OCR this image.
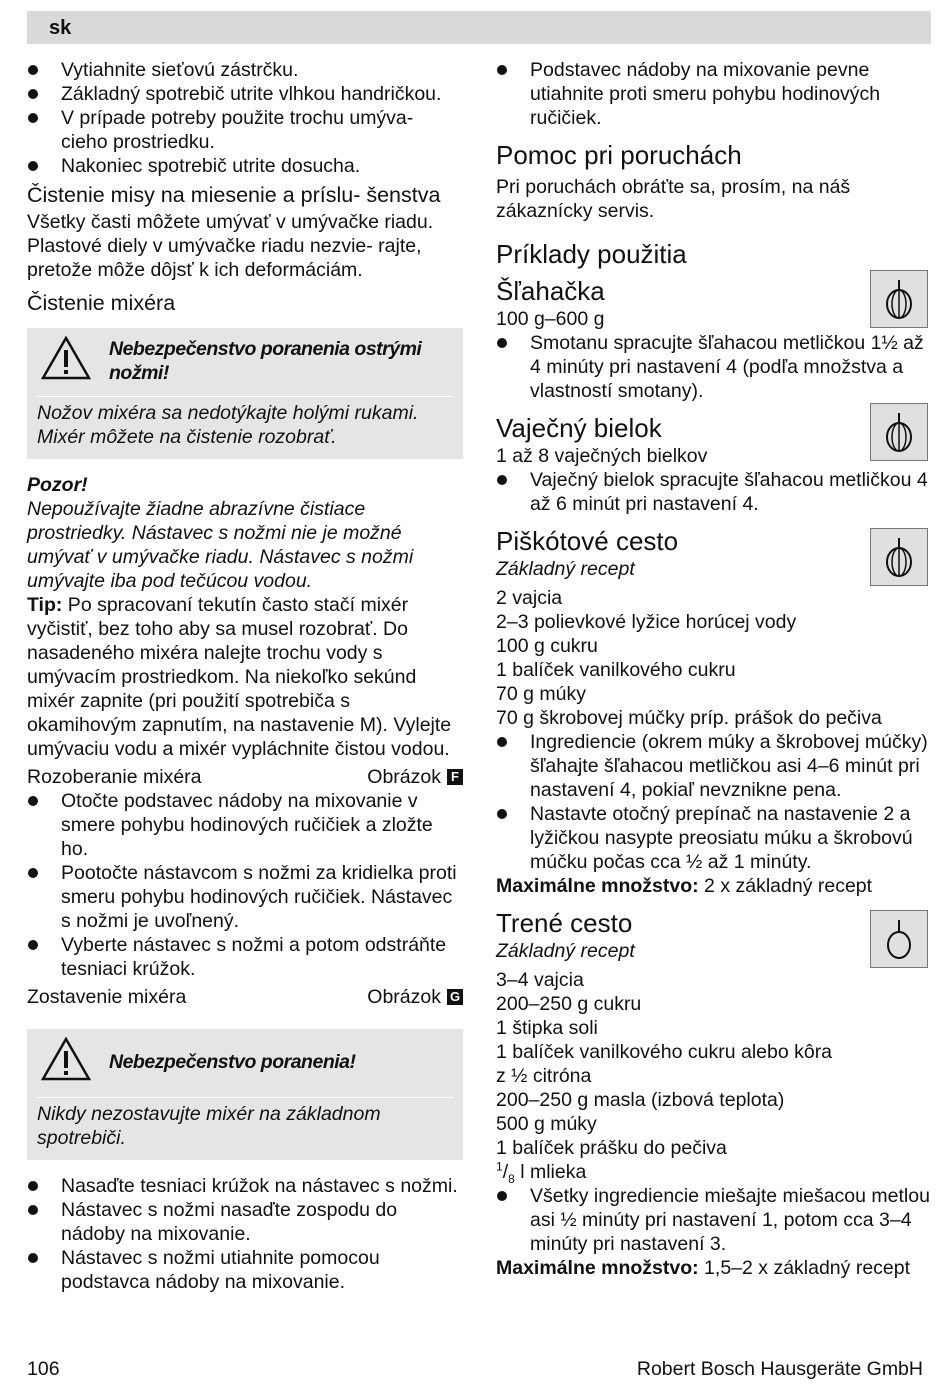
sk
Vytiahnite sieťovú zástrčku.
Základný spotrebič utrite vlhkou handričkou.
V prípade potreby použite trochu umýva- cieho prostriedku.
Nakoniec spotrebič utrite dosucha.
Čistenie misy na miesenie a príslu- šenstva

Všetky časti môžete umývať v umývačke riadu. Plastové diely v umývačke riadu nezvie- rajte, pretože môže dôjsť k ich deformáciám.

Čistenie mixéra
Nebezpečenstvo poranenia ostrými nožmi!
Nožov mixéra sa nedotýkajte holými rukami. Mixér môžete na čistenie rozobrať.

Pozor!

Nepoužívajte žiadne abrazívne čistiace prostriedky. Nástavec s nožmi nie je možné umývať v umývačke riadu. Nástavec s nožmi umývajte iba pod tečúcou vodou.

Tip: Po spracovaní tekutín často stačí mixér vyčistiť, bez toho aby sa musel rozobrať. Do nasadeného mixéra nalejte trochu vody s umývacím prostriedkom. Na niekoľko sekúnd mixér zapnite (pri použití spotrebiča s okamihovým zapnutím, na nastavenie M). Vylejte umývaciu vodu a mixér vypláchnite čistou vodou.

Rozoberanie mixéra	Obrázok F
Otočte podstavec nádoby na mixovanie v smere pohybu hodinových ručičiek a zložte ho.
Pootočte nástavcom s nožmi za kridielka proti smeru pohybu hodinových ručičiek. Nástavec s nožmi je uvoľnený.
Vyberte nástavec s nožmi a potom odstráňte tesniaci krúžok.
Zostavenie mixéra	Obrázok G
Nebezpečenstvo poranenia!
Nikdy nezostavujte mixér na základnom spotrebiči.
Nasaďte tesniaci krúžok na nástavec s nožmi.
Nástavec s nožmi nasaďte zospodu do nádoby na mixovanie.
Nástavec s nožmi utiahnite pomocou podstavca nádoby na mixovanie.
Podstavec nádoby na mixovanie pevne utiahnite proti smeru pohybu hodinových ručičiek.
Pomoc pri poruchách

Pri poruchách obráťte sa, prosím, na náš zákaznícky servis.

Príklady použitia
Šľahačka

100 g–600 g

Smotanu spracujte šľahacou metličkou 1½ až 4 minúty pri nastavení 4 (podľa množstva a vlastností smotany).
Vaječný bielok

1 až 8 vaječných bielkov

Vaječný bielok spracujte šľahacou metličkou 4 až 6 minút pri nastavení 4.
Piškótové cesto

Základný recept

2 vajcia

2–3 polievkové lyžice horúcej vody

100 g cukru

1 balíček vanilkového cukru

70 g múky

70 g škrobovej múčky príp. prášok do pečiva

Ingrediencie (okrem múky a škrobovej múčky) šľahajte šľahacou metličkou asi 4–6 minút pri nastavení 4, pokiaľ nevznikne pena.
Nastavte otočný prepínač na nastavenie 2 a lyžičkou nasypte preosiatu múku a škrobovú múčku počas cca ½ až 1 minúty.

Maximálne množstvo: 2 x základný recept

Trené cesto

Základný recept

3–4 vajcia

200–250 g cukru

1 štipka soli

1 balíček vanilkového cukru alebo kôra

z ½ citróna

200–250 g masla (izbová teplota)

500 g múky

1 balíček prášku do pečiva

$^1/_8$ l mlieka

Všetky ingrediencie miešajte miešacou metlou asi ½ minúty pri nastavení 1, potom cca 3–4 minúty pri nastavení 3.

Maximálne množstvo: 1,5–2 x základný recept

106	Robert Bosch Hausgeräte GmbH
